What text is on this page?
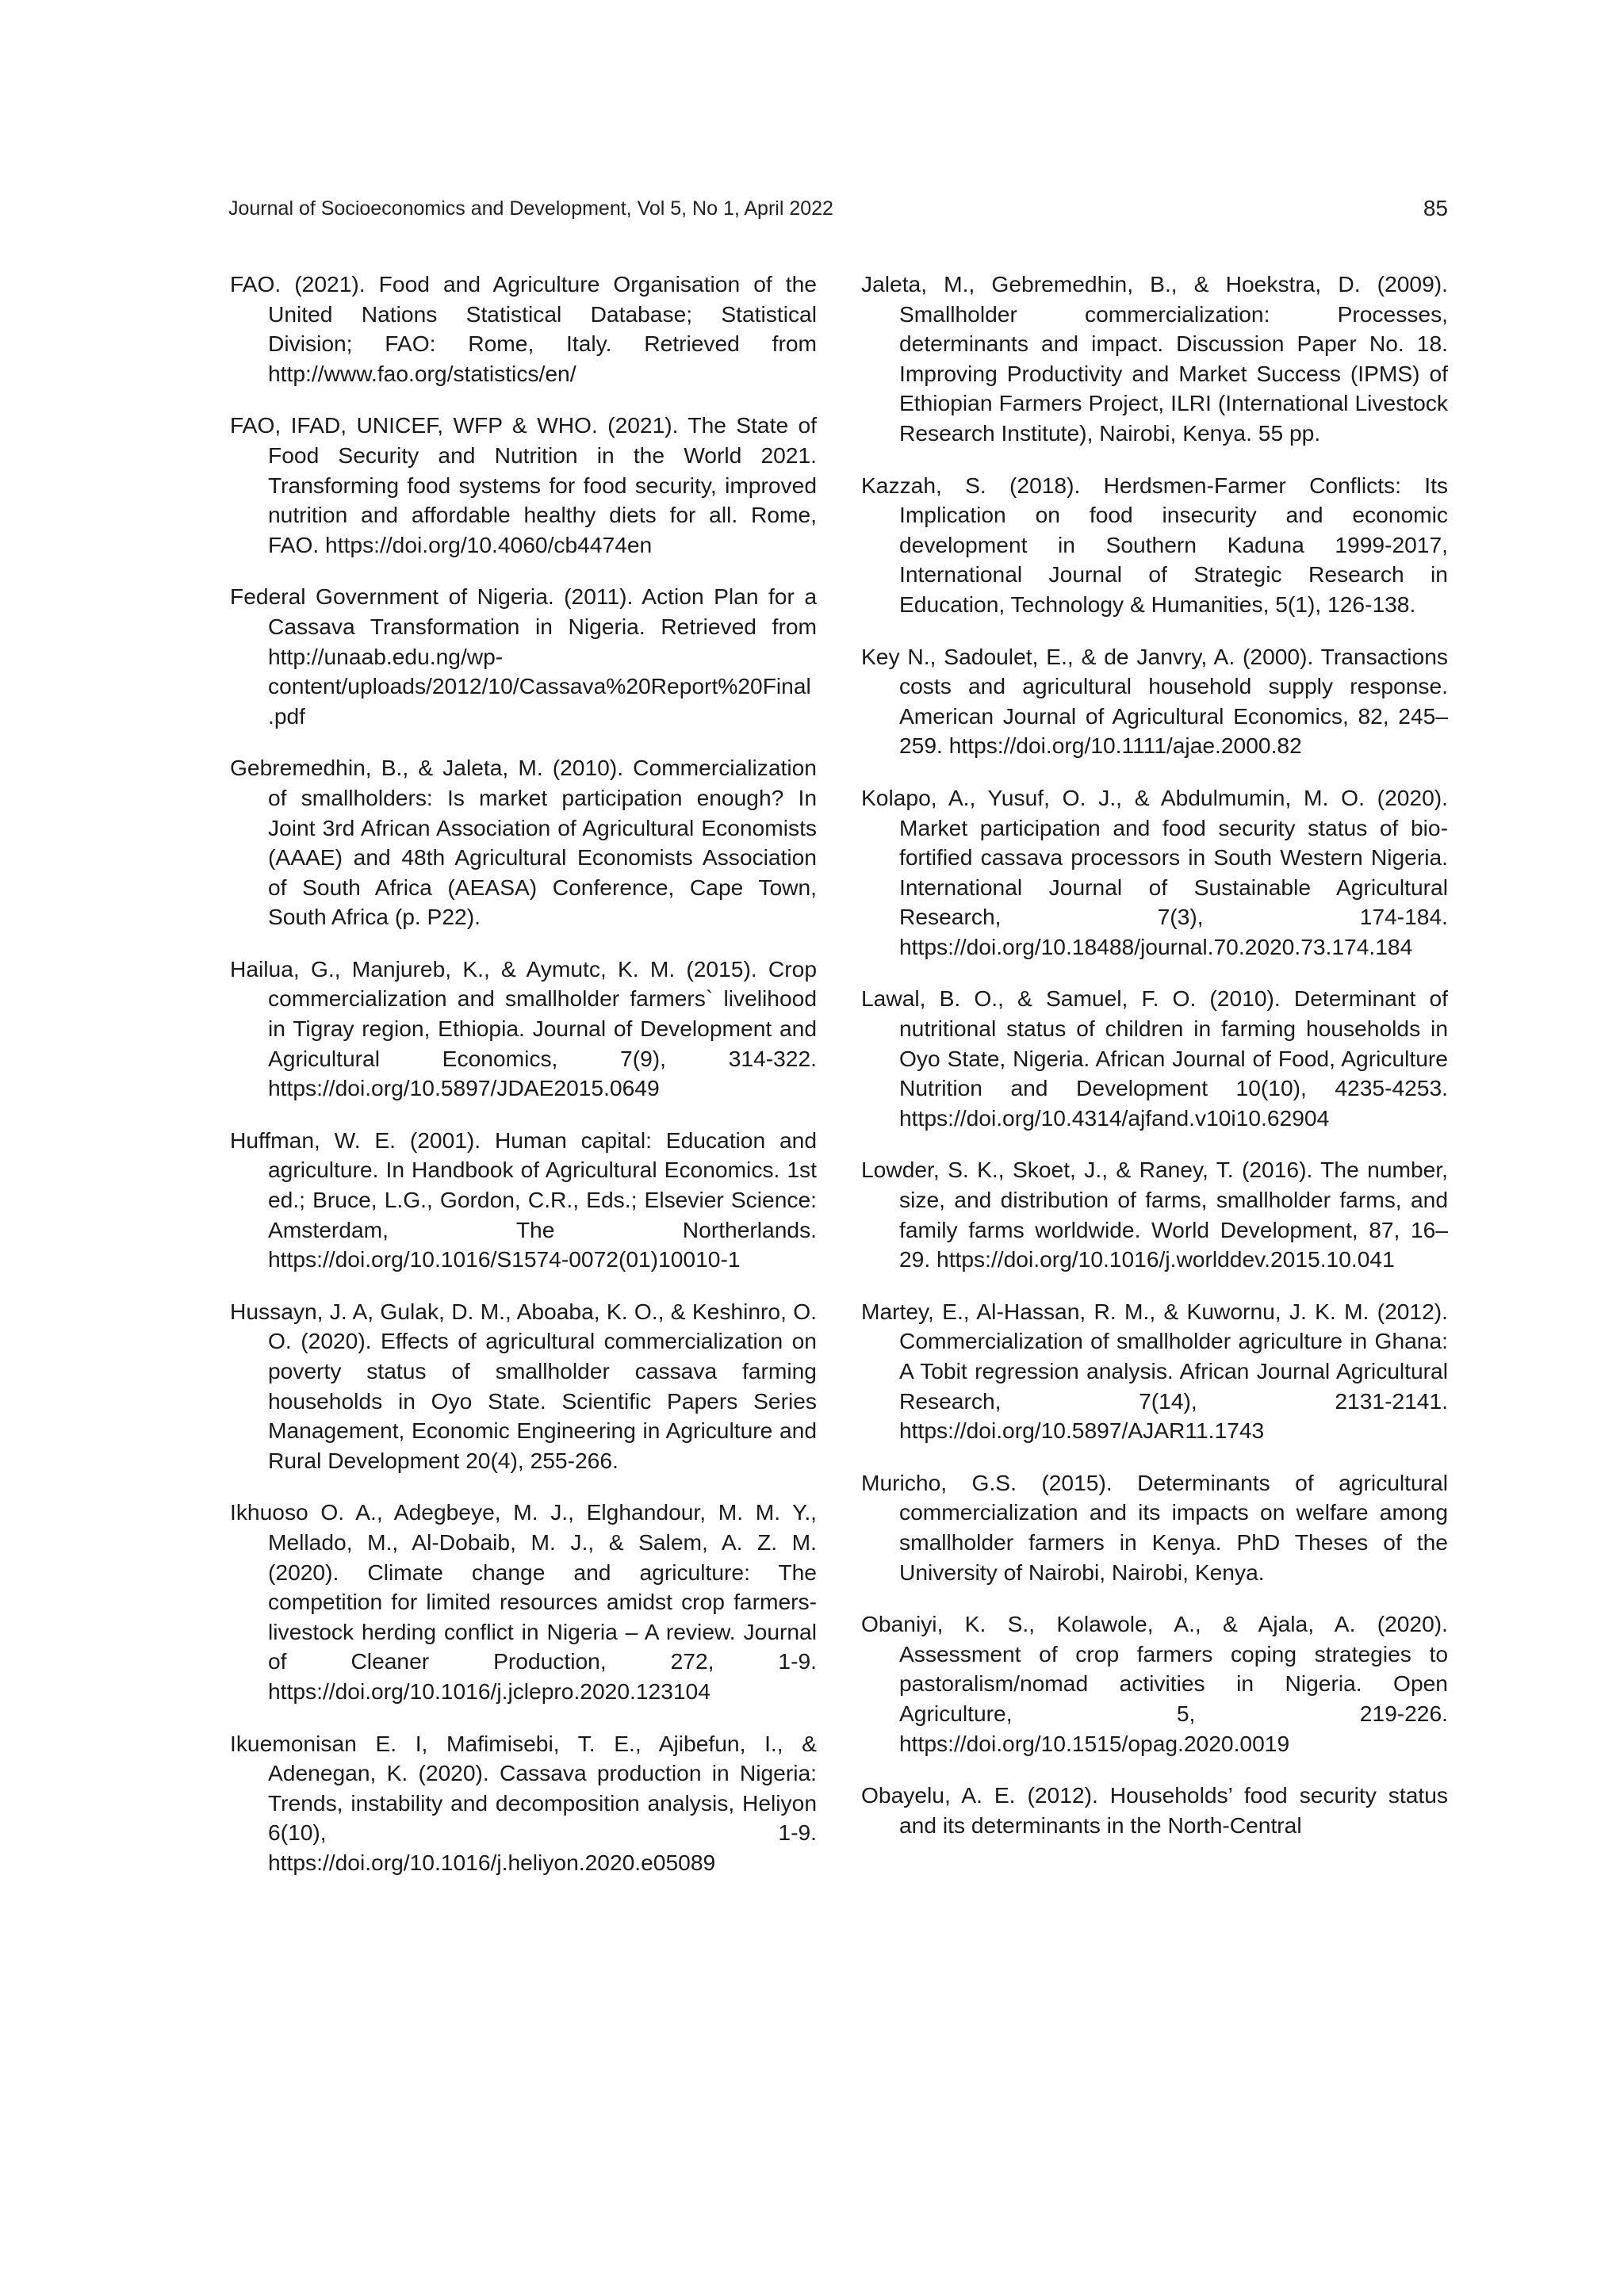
Journal of Socioeconomics and Development, Vol 5, No 1, April 2022	85

FAO. (2021). Food and Agriculture Organisation of the United Nations Statistical Database; Statistical Division; FAO: Rome, Italy. Retrieved from http://www.fao.org/statistics/en/

FAO, IFAD, UNICEF, WFP & WHO. (2021). The State of Food Security and Nutrition in the World 2021. Transforming food systems for food security, improved nutrition and affordable healthy diets for all. Rome, FAO. https://doi.org/10.4060/cb4474en

Federal Government of Nigeria. (2011). Action Plan for a Cassava Transformation in Nigeria. Retrieved from http://unaab.edu.ng/wp-content/uploads/2012/10/Cassava%20Report%20Final.pdf

Gebremedhin, B., & Jaleta, M. (2010). Commercialization of smallholders: Is market participation enough? In Joint 3rd African Association of Agricultural Economists (AAAE) and 48th Agricultural Economists Association of South Africa (AEASA) Conference, Cape Town, South Africa (p. P22).

Hailua, G., Manjureb, K., & Aymutc, K. M. (2015). Crop commercialization and smallholder farmers` livelihood in Tigray region, Ethiopia. Journal of Development and Agricultural Economics, 7(9), 314-322. https://doi.org/10.5897/JDAE2015.0649

Huffman, W. E. (2001). Human capital: Education and agriculture. In Handbook of Agricultural Economics. 1st ed.; Bruce, L.G., Gordon, C.R., Eds.; Elsevier Science: Amsterdam, The Northerlands. https://doi.org/10.1016/S1574-0072(01)10010-1

Hussayn, J. A, Gulak, D. M., Aboaba, K. O., & Keshinro, O. O. (2020). Effects of agricultural commercialization on poverty status of smallholder cassava farming households in Oyo State. Scientific Papers Series Management, Economic Engineering in Agriculture and Rural Development 20(4), 255-266.

Ikhuoso O. A., Adegbeye, M. J., Elghandour, M. M. Y., Mellado, M., Al-Dobaib, M. J., & Salem, A. Z. M. (2020). Climate change and agriculture: The competition for limited resources amidst crop farmers-livestock herding conflict in Nigeria – A review. Journal of Cleaner Production, 272, 1-9. https://doi.org/10.1016/j.jclepro.2020.123104

Ikuemonisan E. I, Mafimisebi, T. E., Ajibefun, I., & Adenegan, K. (2020). Cassava production in Nigeria: Trends, instability and decomposition analysis, Heliyon 6(10), 1-9. https://doi.org/10.1016/j.heliyon.2020.e05089

Jaleta, M., Gebremedhin, B., & Hoekstra, D. (2009). Smallholder commercialization: Processes, determinants and impact. Discussion Paper No. 18. Improving Productivity and Market Success (IPMS) of Ethiopian Farmers Project, ILRI (International Livestock Research Institute), Nairobi, Kenya. 55 pp.

Kazzah, S. (2018). Herdsmen-Farmer Conflicts: Its Implication on food insecurity and economic development in Southern Kaduna 1999-2017, International Journal of Strategic Research in Education, Technology & Humanities, 5(1), 126-138.

Key N., Sadoulet, E., & de Janvry, A. (2000). Transactions costs and agricultural household supply response. American Journal of Agricultural Economics, 82, 245–259. https://doi.org/10.1111/ajae.2000.82

Kolapo, A., Yusuf, O. J., & Abdulmumin, M. O. (2020). Market participation and food security status of bio-fortified cassava processors in South Western Nigeria. International Journal of Sustainable Agricultural Research, 7(3), 174-184. https://doi.org/10.18488/journal.70.2020.73.174.184

Lawal, B. O., & Samuel, F. O. (2010). Determinant of nutritional status of children in farming households in Oyo State, Nigeria. African Journal of Food, Agriculture Nutrition and Development 10(10), 4235-4253. https://doi.org/10.4314/ajfand.v10i10.62904

Lowder, S. K., Skoet, J., & Raney, T. (2016). The number, size, and distribution of farms, smallholder farms, and family farms worldwide. World Development, 87, 16–29. https://doi.org/10.1016/j.worlddev.2015.10.041

Martey, E., Al-Hassan, R. M., & Kuwornu, J. K. M. (2012). Commercialization of smallholder agriculture in Ghana: A Tobit regression analysis. African Journal Agricultural Research, 7(14), 2131-2141. https://doi.org/10.5897/AJAR11.1743

Muricho, G.S. (2015). Determinants of agricultural commercialization and its impacts on welfare among smallholder farmers in Kenya. PhD Theses of the University of Nairobi, Nairobi, Kenya.

Obaniyi, K. S., Kolawole, A., & Ajala, A. (2020). Assessment of crop farmers coping strategies to pastoralism/nomad activities in Nigeria. Open Agriculture, 5, 219-226. https://doi.org/10.1515/opag.2020.0019

Obayelu, A. E. (2012). Households’ food security status and its determinants in the North-Central
